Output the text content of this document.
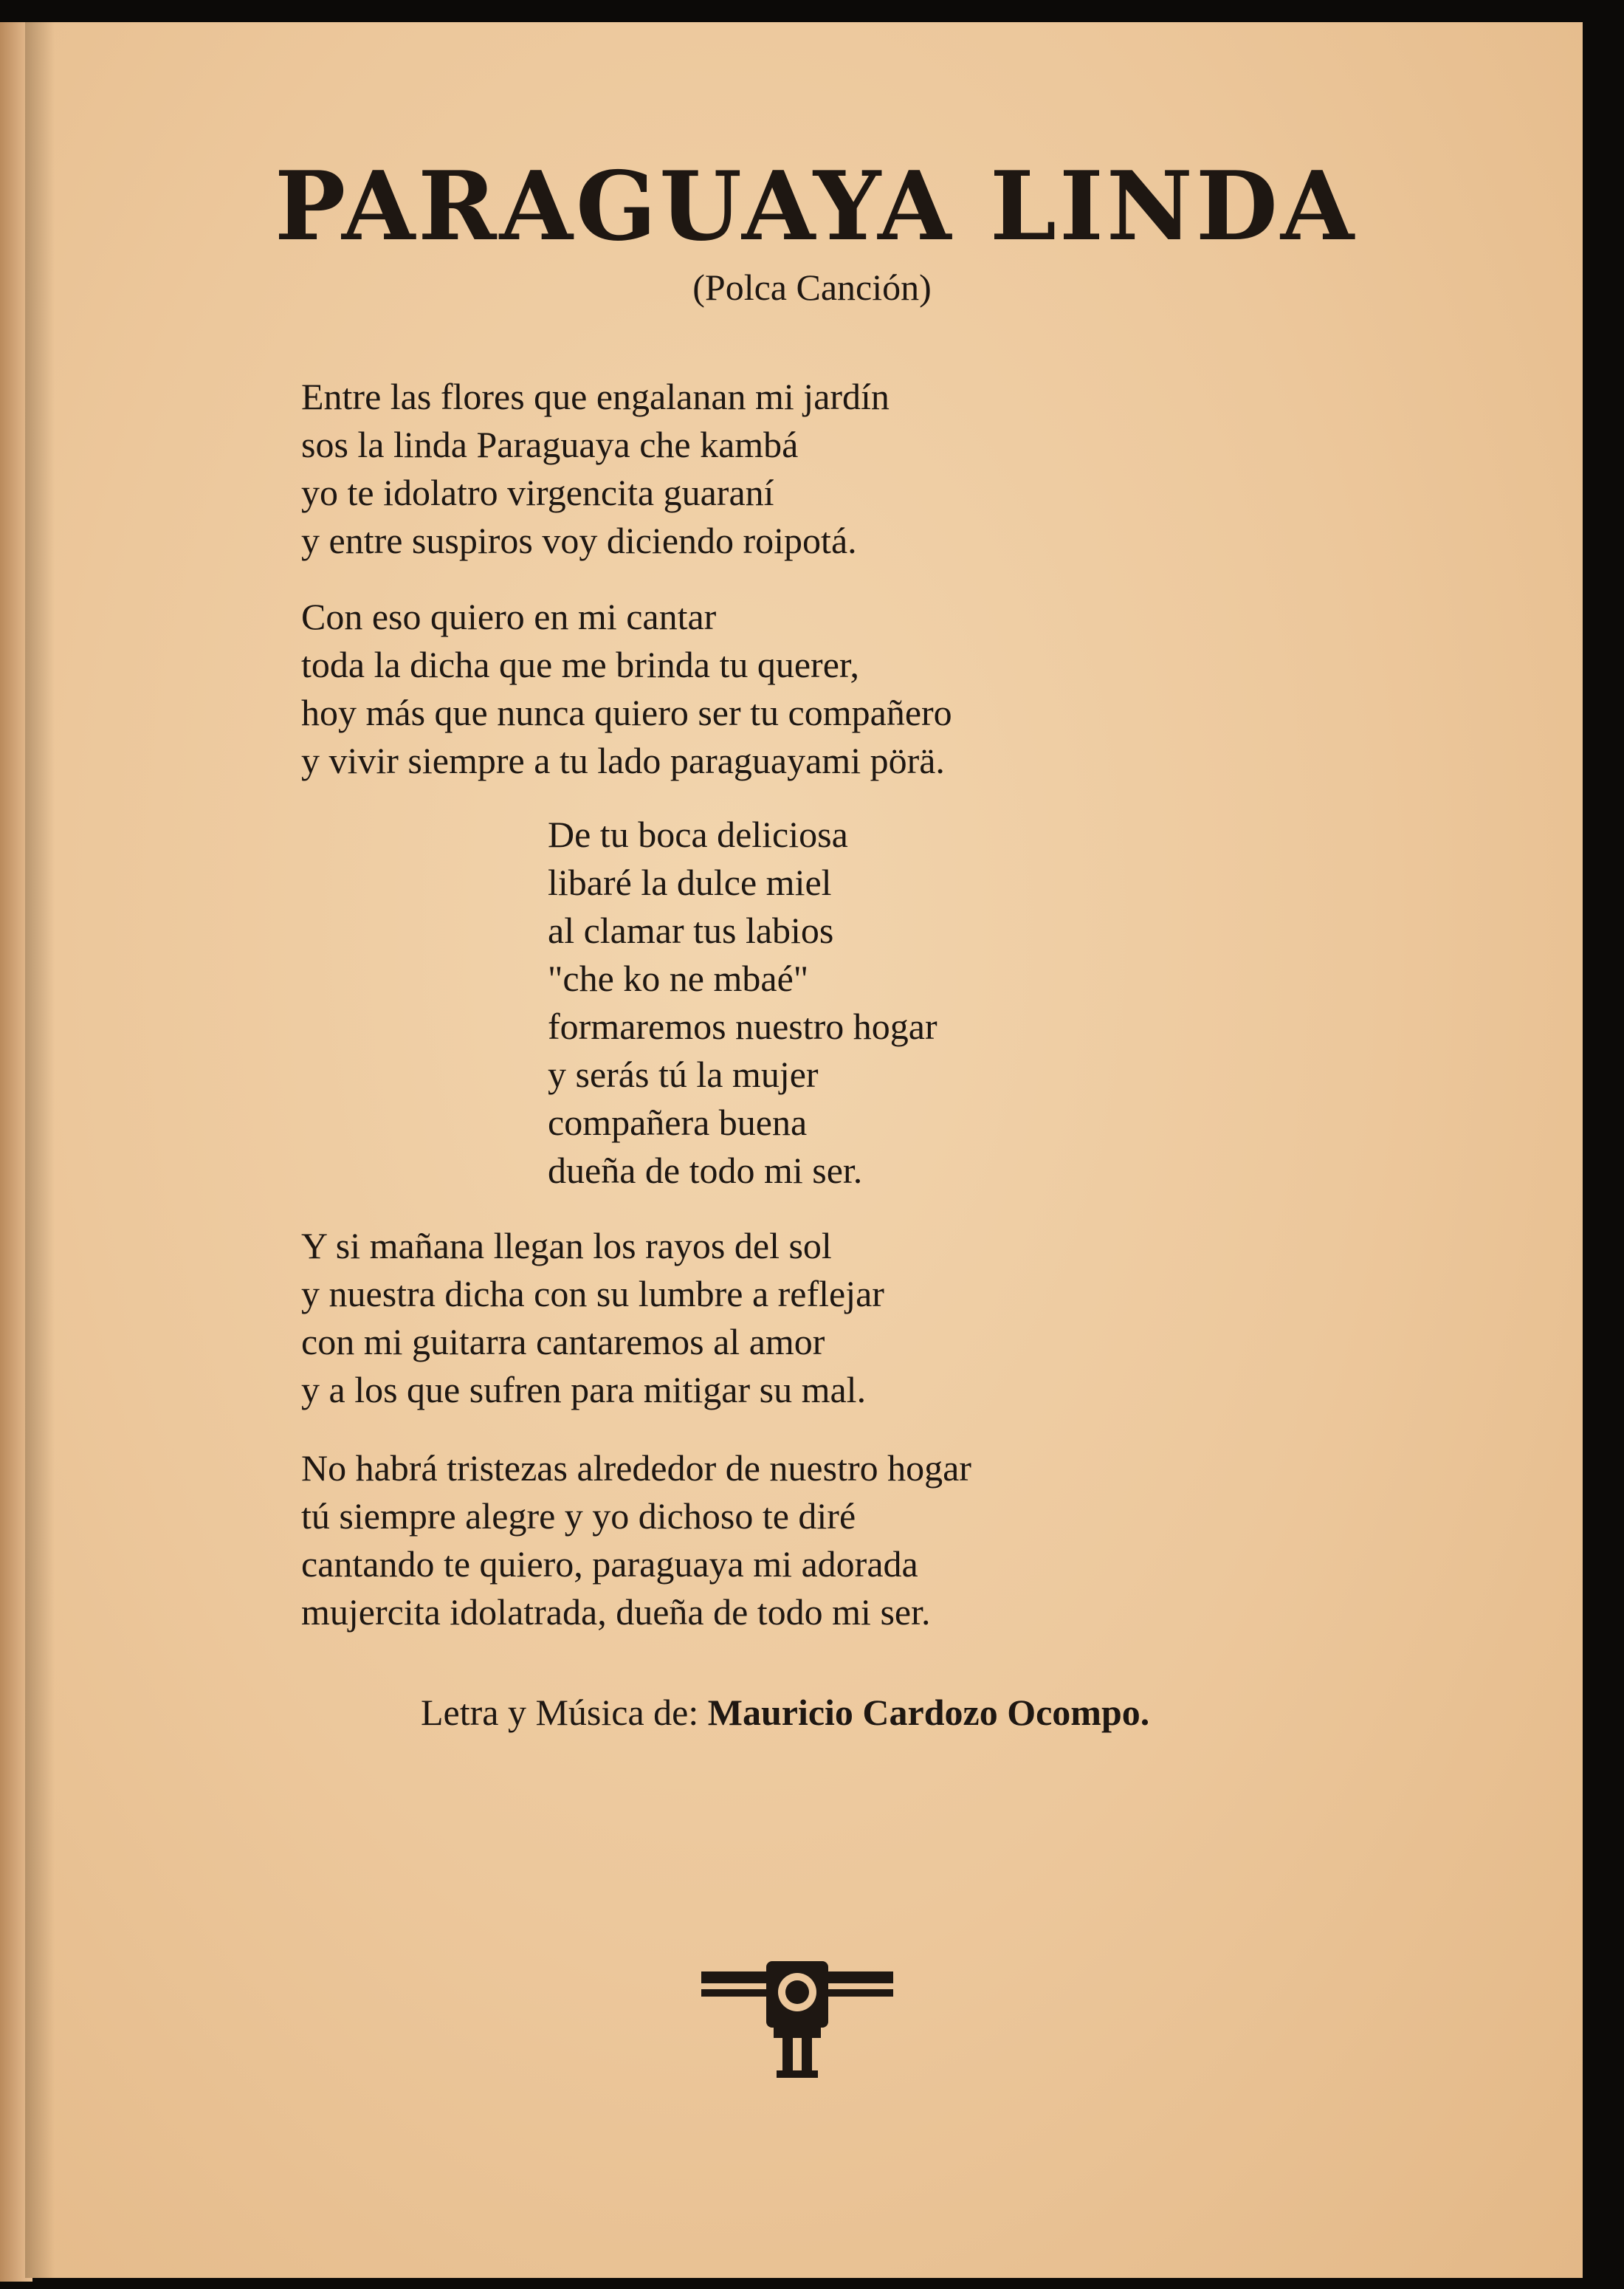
PARAGUAYA LINDA
(Polca Canción)
Entre las flores que engalanan mi jardín
sos la linda Paraguaya che kambá
yo te idolatro virgencita guaraní
y entre suspiros voy diciendo roipotá.
Con eso quiero en mi cantar
toda la dicha que me brinda tu querer,
hoy más que nunca quiero ser tu compañero
y vivir siempre a tu lado paraguayami pörä.
De tu boca deliciosa
libaré la dulce miel
al clamar tus labios
"che ko ne mbaé"
formaremos nuestro hogar
y serás tú la mujer
compañera buena
dueña de todo mi ser.
Y si mañana llegan los rayos del sol
y nuestra dicha con su lumbre a reflejar
con mi guitarra cantaremos al amor
y a los que sufren para mitigar su mal.
No habrá tristezas alrededor de nuestro hogar
tú siempre alegre y yo dichoso te diré
cantando te quiero, paraguaya mi adorada
mujercita idolatrada, dueña de todo mi ser.
Letra y Música de: Mauricio Cardozo Ocompo.
